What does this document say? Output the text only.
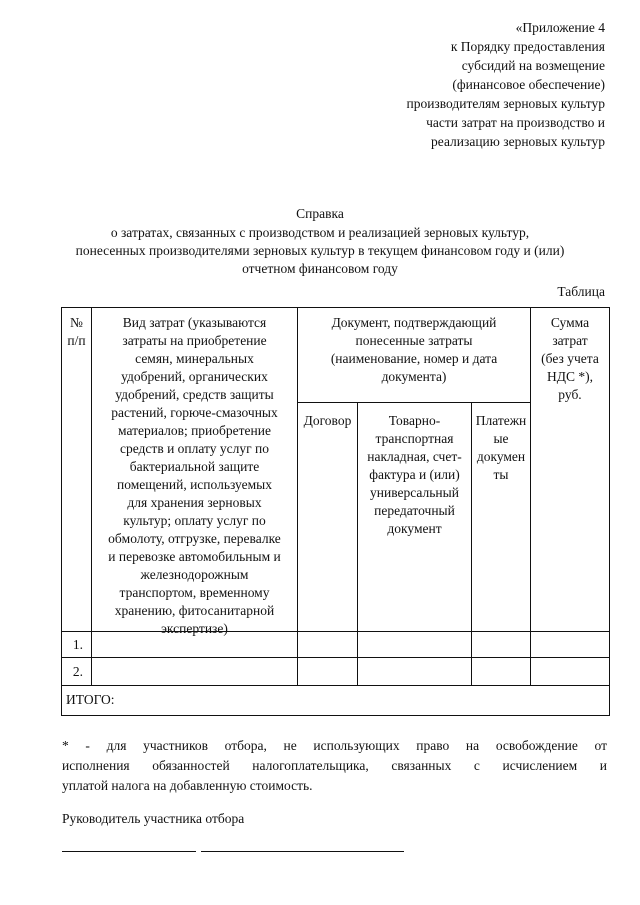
«Приложение 4
к Порядку предоставления
субсидий на возмещение
(финансовое обеспечение)
производителям зерновых культур
части затрат на производство и
реализацию зерновых культур
Справка
о затратах, связанных с производством и реализацией зерновых культур,
понесенных производителями зерновых культур в текущем финансовом году и (или)
отчетном финансовом году
Таблица
№
п/п
Вид затрат (указываются
затраты на приобретение
семян, минеральных
удобрений, органических
удобрений, средств защиты
растений, горюче-смазочных
материалов; приобретение
средств и оплату услуг по
бактериальной защите
помещений, используемых
для хранения зерновых
культур; оплату услуг по
обмолоту, отгрузке, перевалке
и перевозке автомобильным и
железнодорожным
транспортом, временному
хранению, фитосанитарной
экспертизе)
Документ, подтверждающий
понесенные затраты
(наименование, номер и дата
документа)
Договор	Товарно-
транспортная
накладная, счет-
фактура и (или)
универсальный
передаточный
документ
Платежн
ые
докумен
ты
Сумма
затрат
(без учета
НДС *),
руб.
1.
2.
ИТОГО:

* - для участников отбора, не использующих право на освобождение от

исполнения обязанностей налогоплательщика, связанных с исчислением и

уплатой налога на добавленную стоимость.

Руководитель участника отбора
